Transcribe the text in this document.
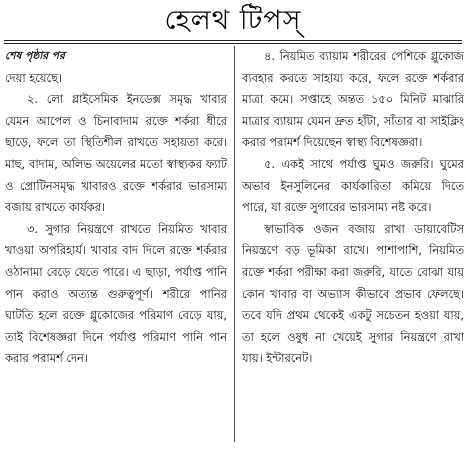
হেলথ টিপস্

শেষ পৃষ্ঠার পর

দেয়া হয়েছে।

২. লো গ্লাইসেমিক ইনডেক্স সমৃদ্ধ খাবার যেমন আপেল ও চিনাবাদাম রক্তে শর্করা ধীরে ছাড়ে, ফলে তা স্থিতিশীল রাখতে সহায়তা করে। মাছ, বাদাম, অলিভ অয়েলের মতো স্বাস্থ্যকর ফ্যাট ও প্রোটিনসমৃদ্ধ খাবারও রক্তে শর্করার ভারসাম্য বজায় রাখতে কার্যকর।

৩. সুগার নিয়ন্ত্রণে রাখতে নিয়মিত খাবার খাওয়া অপরিহার্য। খাবার বাদ দিলে রক্তে শর্করার ওঠানামা বেড়ে যেতে পারে। এ ছাড়া, পর্যাপ্ত পানি পান করাও অত্যন্ত গুরুত্বপূর্ণ। শরীরে পানির ঘাটতি হলে রক্তে গ্লুকোজের পরিমাণ বেড়ে যায়, তাই বিশেষজ্ঞরা দিনে পর্যাপ্ত পরিমাণ পানি পান করার পরামর্শ দেন।

৪. নিয়মিত ব্যায়াম শরীরের পেশিকে গ্লুকোজ ব্যবহার করতে সাহায্য করে, ফলে রক্তে শর্করার মাত্রা কমে। সপ্তাহে অন্তত ১৫০ মিনিট মাঝারি মাত্রার ব্যায়াম যেমন দ্রুত হাঁটা, সাঁতার বা সাইক্লিং করার পরামর্শ দিয়েছেন স্বাস্থ্য বিশেষজ্ঞরা।

৫. একই সাথে পর্যাপ্ত ঘুমও জরুরি। ঘুমের অভাব ইনসুলিনের কার্যকারিতা কমিয়ে দিতে পারে, যা রক্তে সুগারের ভারসাম্য নষ্ট করে।

স্বাভাবিক ওজন বজায় রাখা ডায়াবেটিস নিয়ন্ত্রণে বড় ভূমিকা রাখে। পাশাপাশি, নিয়মিত রক্তে শর্করা পরীক্ষা করা জরুরি, যাতে বোঝা যায় কোন খাবার বা অভ্যাস কীভাবে প্রভাব ফেলছে। তবে যদি প্রথম থেকেই একটু সচেতন হওয়া যায়, তা হলে ওষুধ না খেয়েই সুগার নিয়ন্ত্রণে রাখা যায়। ইন্টারনেট।
